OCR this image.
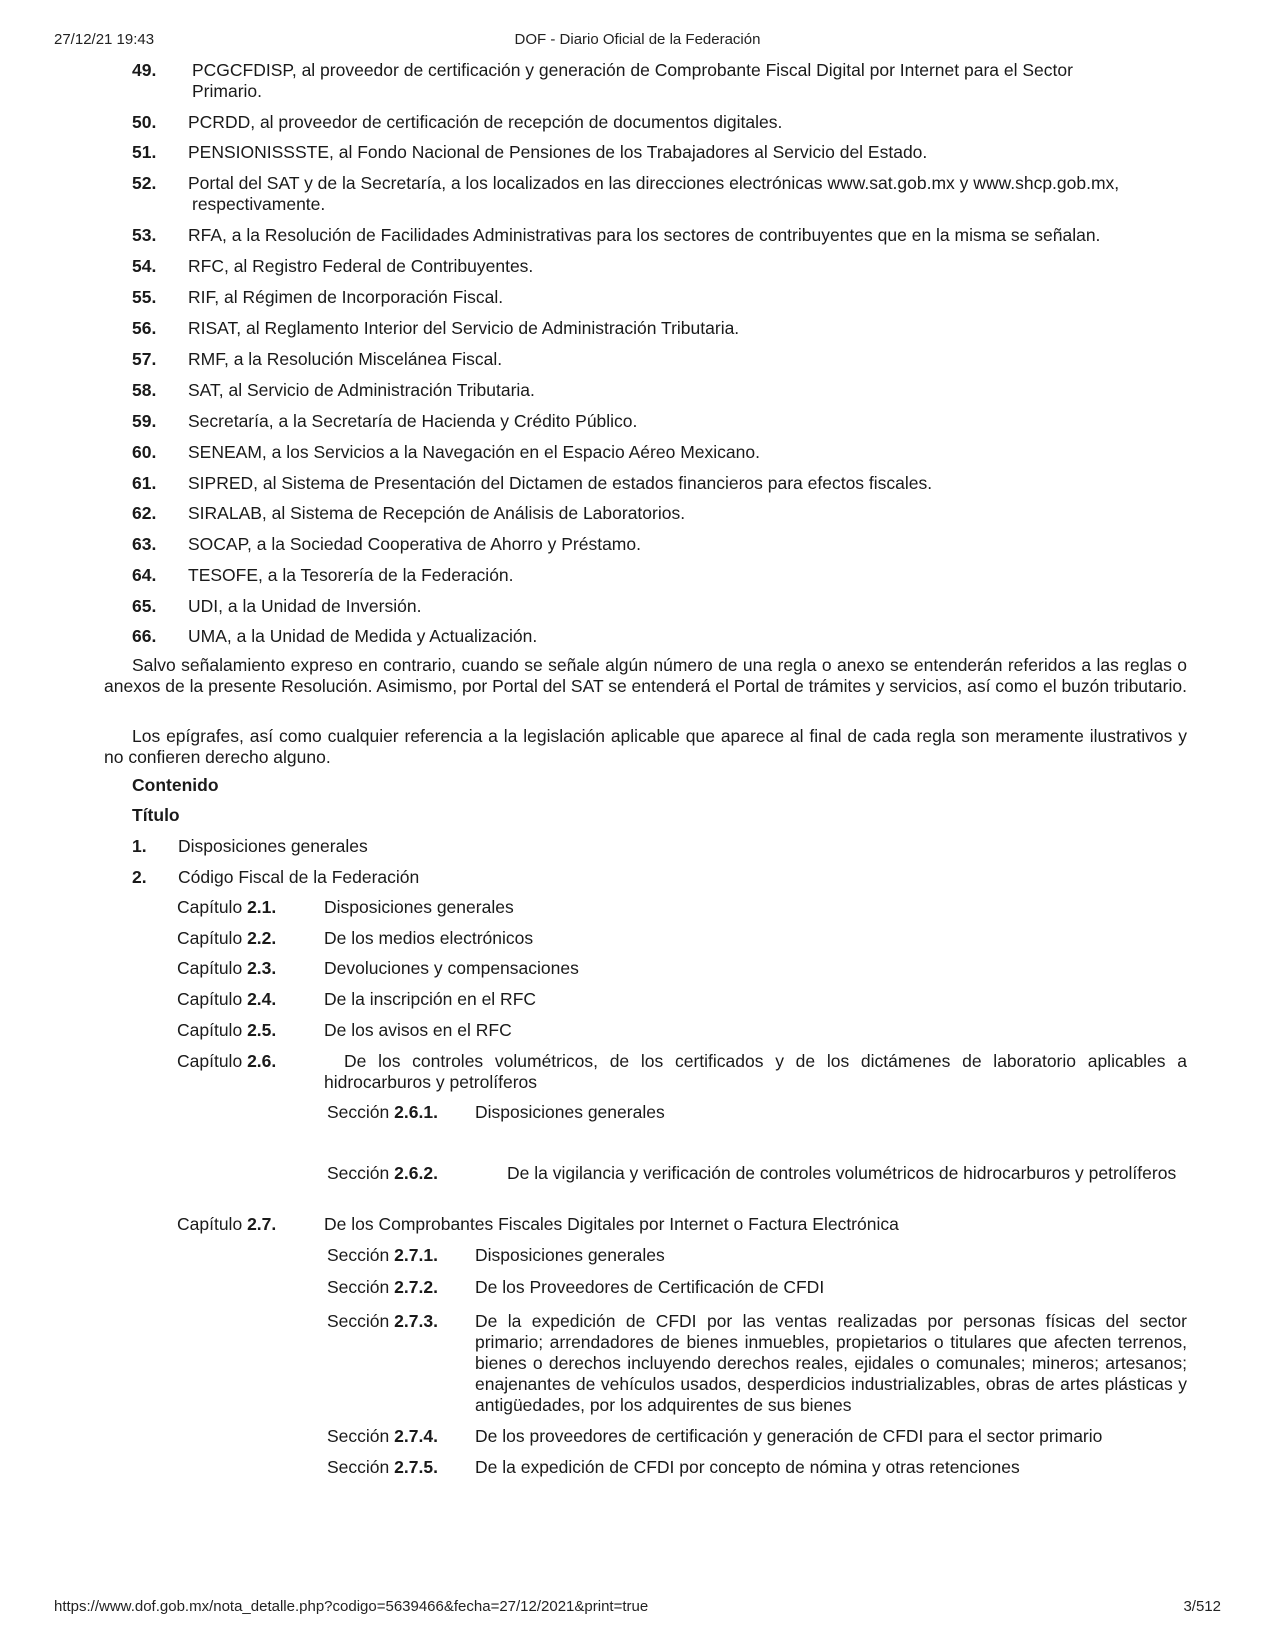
27/12/21 19:43	DOF - Diario Oficial de la Federación
49. PCGCFDISP, al proveedor de certificación y generación de Comprobante Fiscal Digital por Internet para el Sector
Primario.
50. PCRDD, al proveedor de certificación de recepción de documentos digitales.
51. PENSIONISSSTE, al Fondo Nacional de Pensiones de los Trabajadores al Servicio del Estado.
52. Portal del SAT y de la Secretaría, a los localizados en las direcciones electrónicas www.sat.gob.mx y www.shcp.gob.mx,
respectivamente.
53. RFA, a la Resolución de Facilidades Administrativas para los sectores de contribuyentes que en la misma se señalan.
54. RFC, al Registro Federal de Contribuyentes.
55. RIF, al Régimen de Incorporación Fiscal.
56. RISAT, al Reglamento Interior del Servicio de Administración Tributaria.
57. RMF, a la Resolución Miscelánea Fiscal.
58. SAT, al Servicio de Administración Tributaria.
59. Secretaría, a la Secretaría de Hacienda y Crédito Público.
60. SENEAM, a los Servicios a la Navegación en el Espacio Aéreo Mexicano.
61. SIPRED, al Sistema de Presentación del Dictamen de estados financieros para efectos fiscales.
62. SIRALAB, al Sistema de Recepción de Análisis de Laboratorios.
63. SOCAP, a la Sociedad Cooperativa de Ahorro y Préstamo.
64. TESOFE, a la Tesorería de la Federación.
65. UDI, a la Unidad de Inversión.
66. UMA, a la Unidad de Medida y Actualización.
Salvo señalamiento expreso en contrario, cuando se señale algún número de una regla o anexo se entenderán referidos a las reglas o anexos de la presente Resolución. Asimismo, por Portal del SAT se entenderá el Portal de trámites y servicios, así como el buzón tributario.
Los epígrafes, así como cualquier referencia a la legislación aplicable que aparece al final de cada regla son meramente ilustrativos y no confieren derecho alguno.
Contenido
Título
1. Disposiciones generales
2. Código Fiscal de la Federación
Capítulo 2.1.	Disposiciones generales
Capítulo 2.2.	De los medios electrónicos
Capítulo 2.3.	Devoluciones y compensaciones
Capítulo 2.4.	De la inscripción en el RFC
Capítulo 2.5.	De los avisos en el RFC
Capítulo 2.6.	De los controles volumétricos, de los certificados y de los dictámenes de laboratorio aplicables a hidrocarburos y petrolíferos
Sección 2.6.1. Disposiciones generales
Sección 2.6.2.	De la vigilancia y verificación de controles volumétricos de hidrocarburos y petrolíferos
Capítulo 2.7.	De los Comprobantes Fiscales Digitales por Internet o Factura Electrónica
Sección 2.7.1. Disposiciones generales
Sección 2.7.2. De los Proveedores de Certificación de CFDI
Sección 2.7.3. De la expedición de CFDI por las ventas realizadas por personas físicas del sector primario; arrendadores de bienes inmuebles, propietarios o titulares que afecten terrenos, bienes o derechos incluyendo derechos reales, ejidales o comunales; mineros; artesanos; enajenantes de vehículos usados, desperdicios industrializables, obras de artes plásticas y antigüedades, por los adquirentes de sus bienes
Sección 2.7.4. De los proveedores de certificación y generación de CFDI para el sector primario
Sección 2.7.5. De la expedición de CFDI por concepto de nómina y otras retenciones
https://www.dof.gob.mx/nota_detalle.php?codigo=5639466&fecha=27/12/2021&print=true	3/512
